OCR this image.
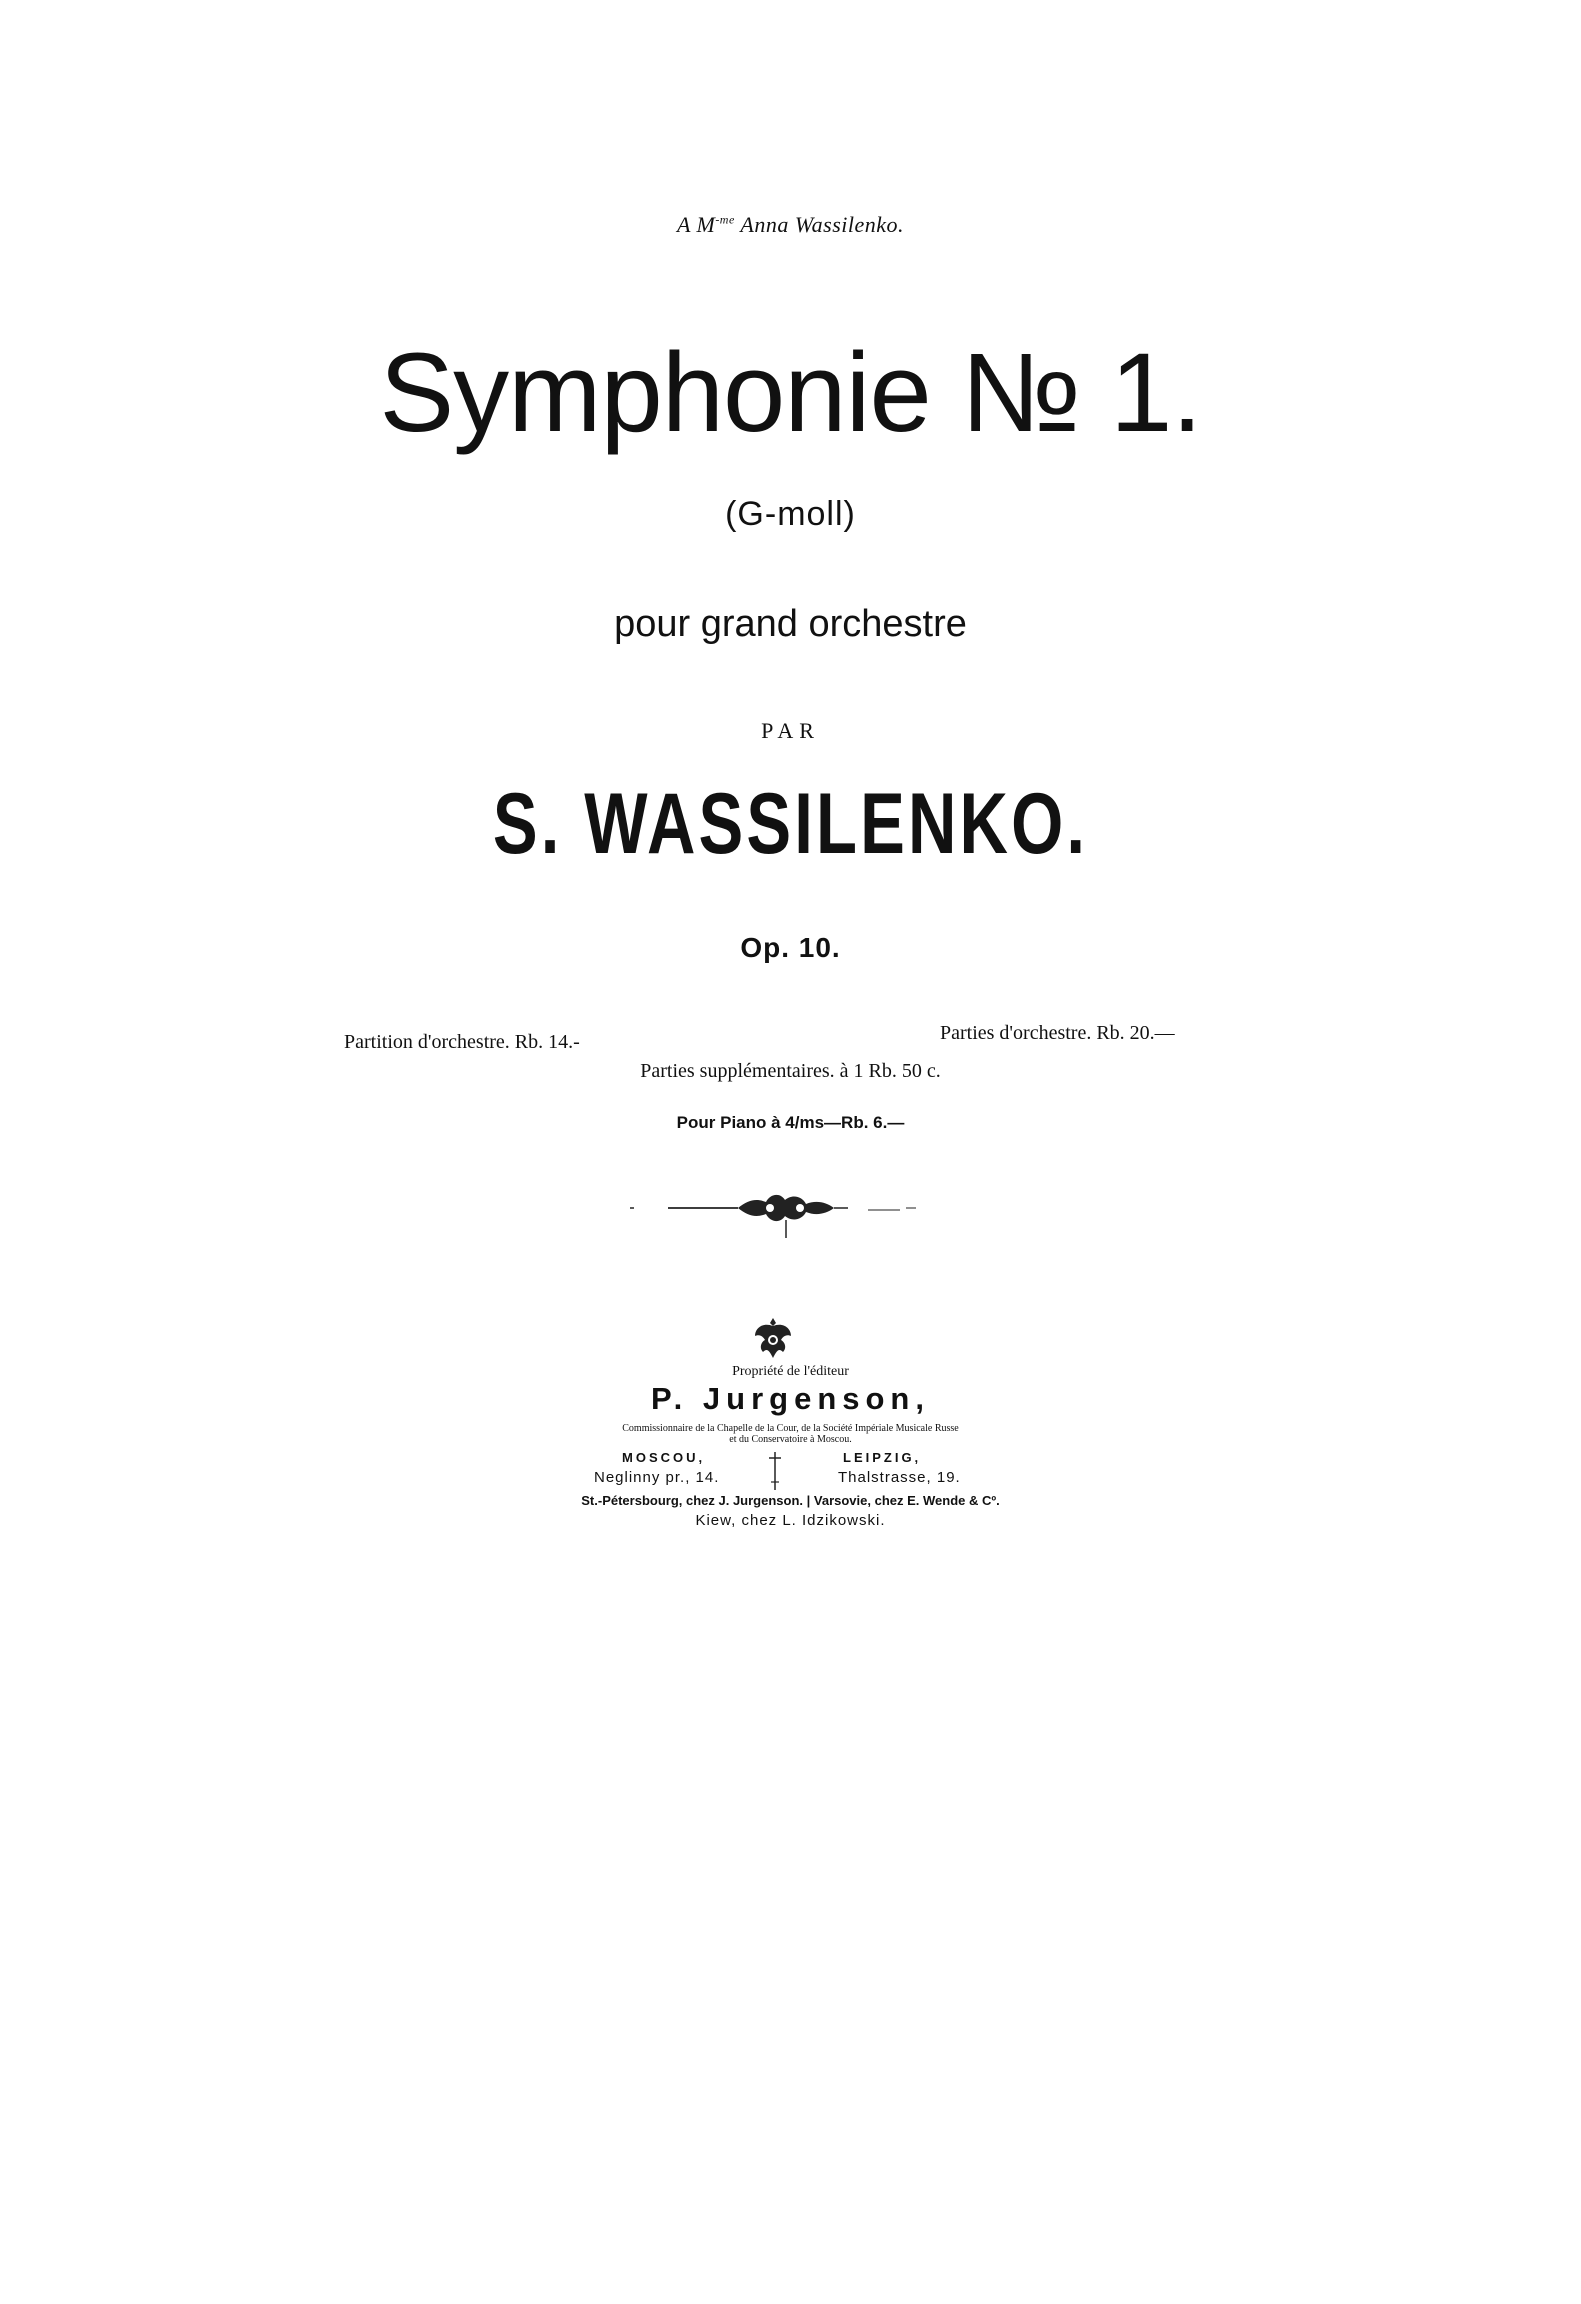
A $M^{-me}$ Anna Wassilenko.
Symphonie № 1.
(G-moll)
pour grand orchestre
PAR
S. WASSILENKO.
Op. 10.
Partition d'orchestre. Rb. 14.-	Parties d'orchestre. Rb. 20.—
Parties supplémentaires. à 1 Rb. 50 c.
Pour Piano à 4/ms—Rb. 6.—
Propriété de l'éditeur
P. Jurgenson,
Commissionnaire de la Chapelle de la Cour, de la Société Impériale Musicale Russe
et du Conservatoire à Moscou.
MOSCOU,
Neglinny pr., 14.
LEIPZIG,
Thalstrasse, 19.
St.-Pétersbourg, chez J. Jurgenson. | Varsovie, chez E. Wende & Cº.
Kiew, chez L. Idzikowski.
